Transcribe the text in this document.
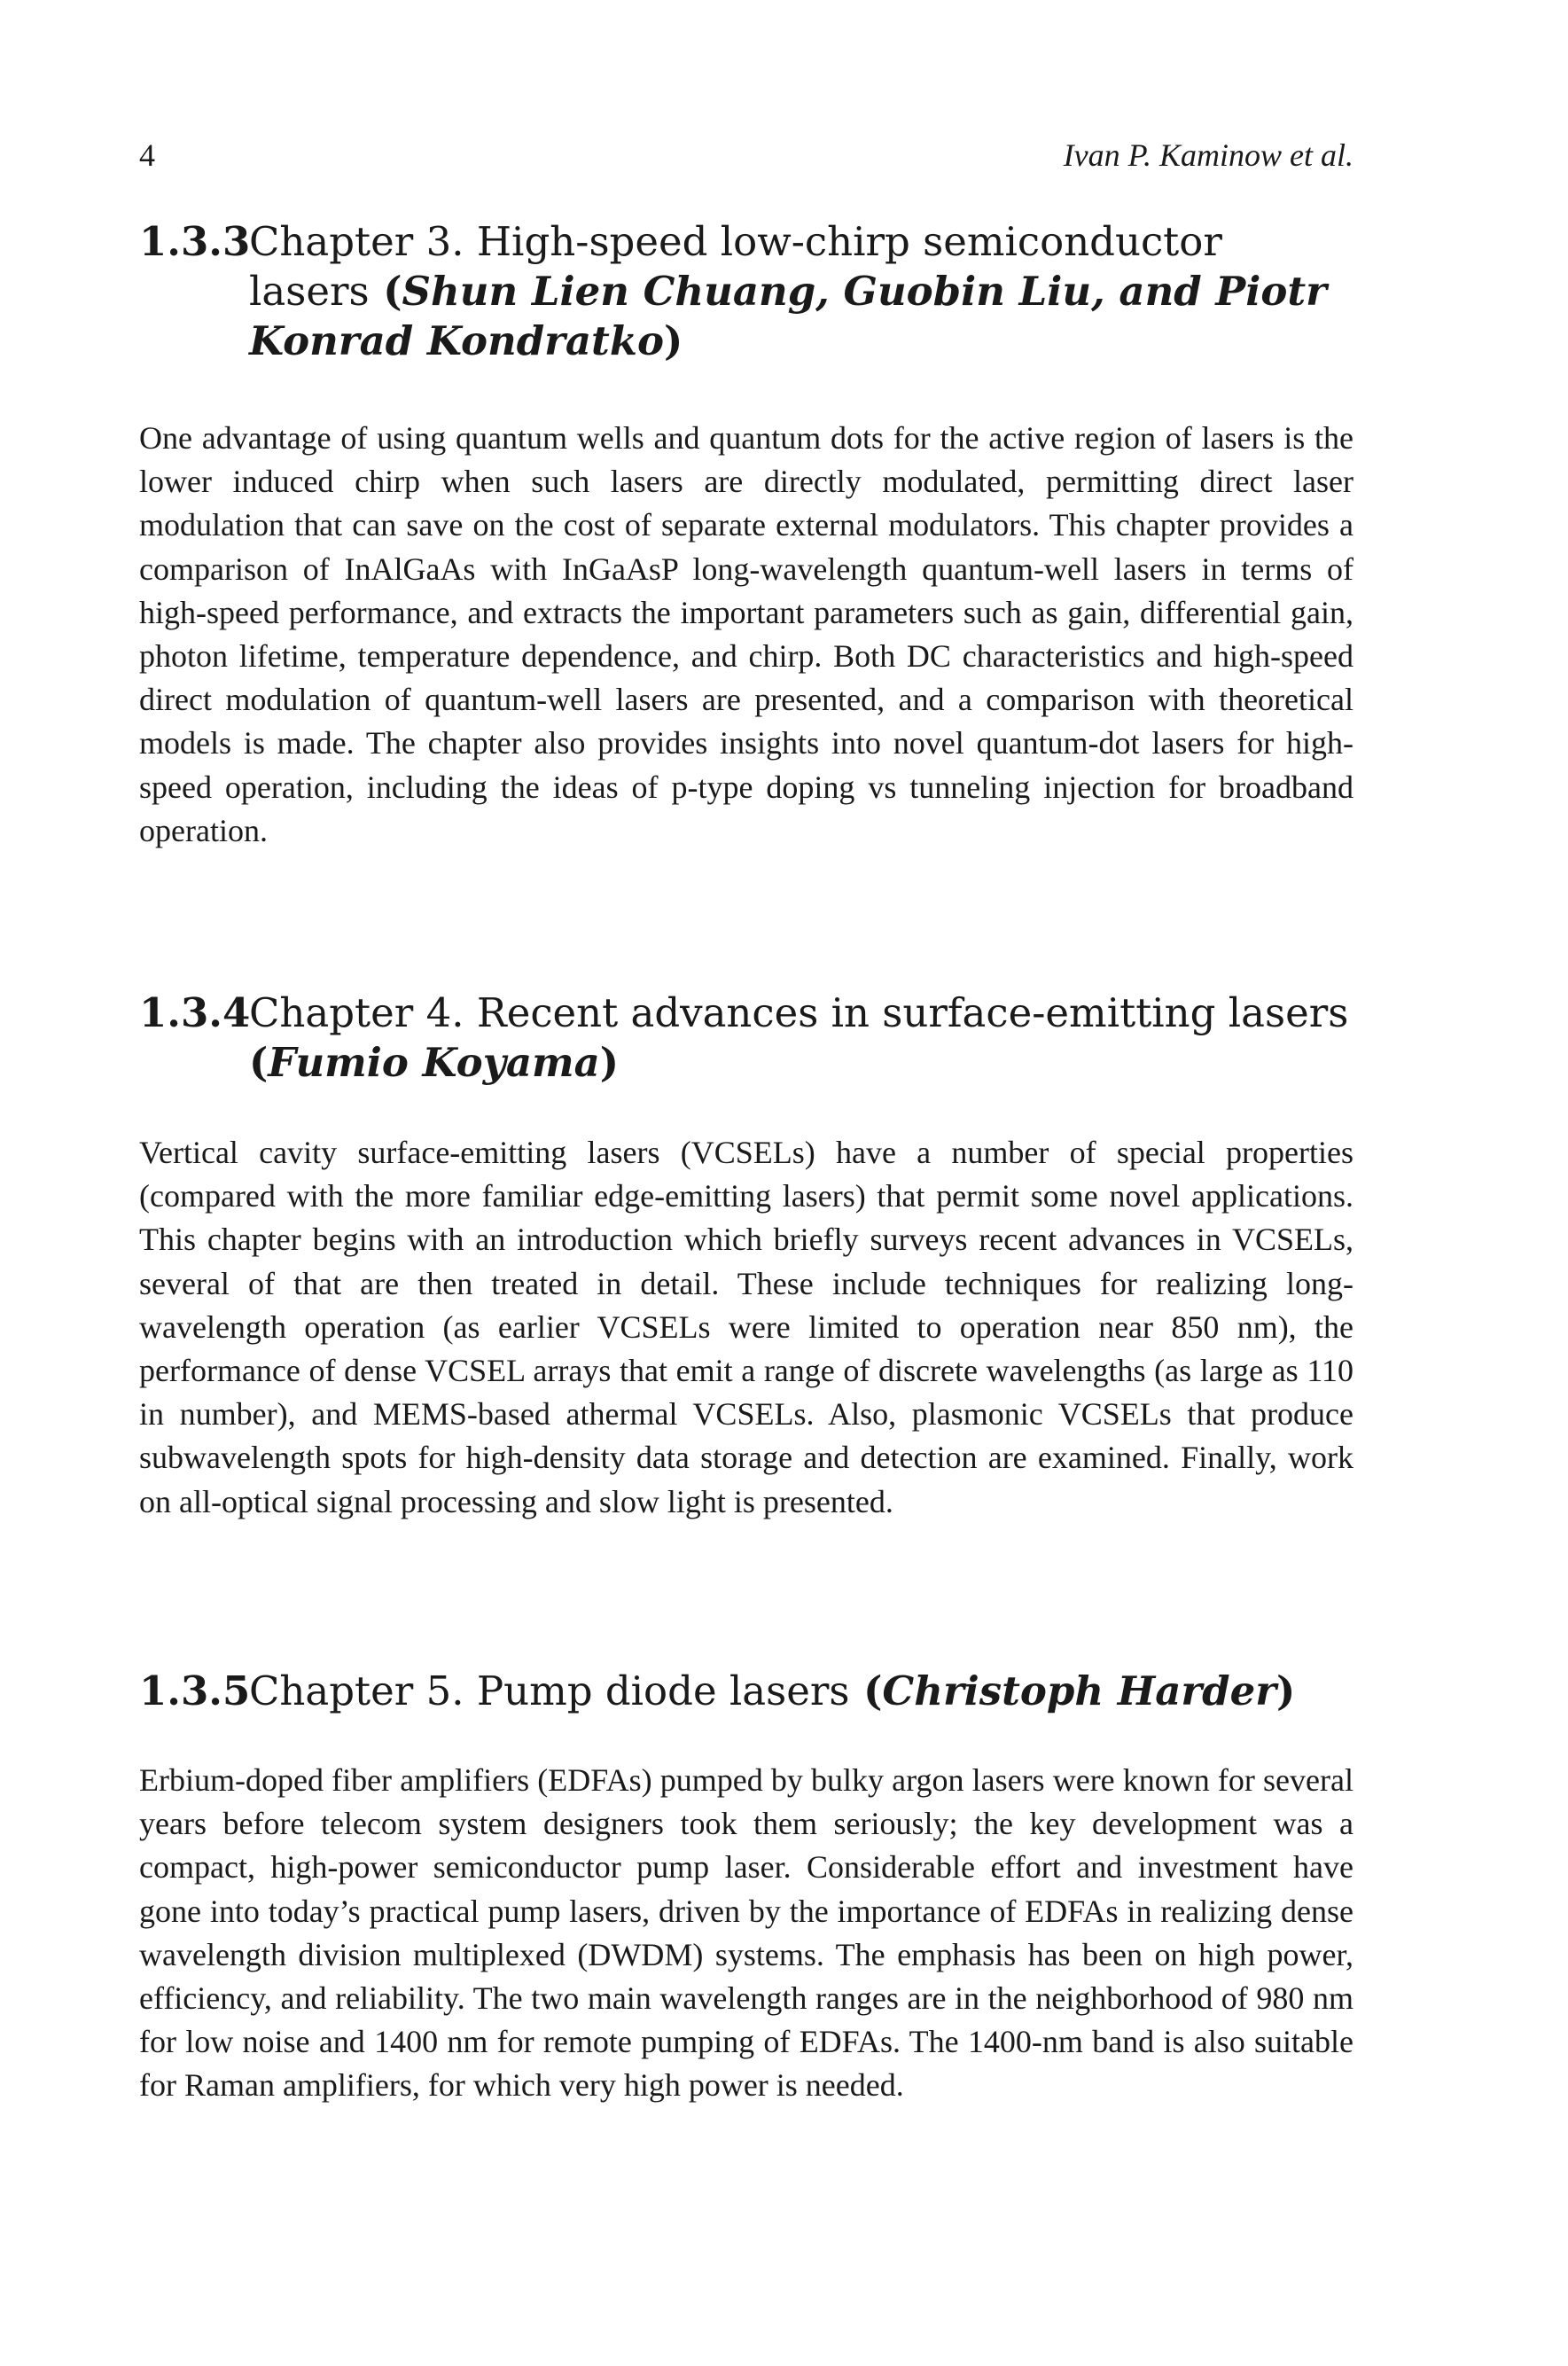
4	Ivan P. Kaminow et al.
1.3.3
Chapter 3. High-speed low-chirp semiconductor lasers (Shun Lien Chuang, Guobin Liu, and Piotr Konrad Kondratko)

One advantage of using quantum wells and quantum dots for the active region of lasers is the lower induced chirp when such lasers are directly modulated, permitting direct laser modulation that can save on the cost of separate external modulators. This chapter provides a comparison of InAlGaAs with InGaAsP long-wavelength quantum-well lasers in terms of high-speed performance, and extracts the important parameters such as gain, differential gain, photon lifetime, temperature dependence, and chirp. Both DC characteristics and high-speed direct modulation of quantum-well lasers are presented, and a comparison with theoretical models is made. The chapter also provides insights into novel quantum-dot lasers for high-speed operation, including the ideas of p-type doping vs tunneling injection for broadband operation.

1.3.4
Chapter 4. Recent advances in surface-emitting lasers (Fumio Koyama)

Vertical cavity surface-emitting lasers (VCSELs) have a number of special properties (compared with the more familiar edge-emitting lasers) that permit some novel applications. This chapter begins with an introduction which briefly surveys recent advances in VCSELs, several of that are then treated in detail. These include techniques for realizing long-wavelength operation (as earlier VCSELs were limited to operation near 850 nm), the performance of dense VCSEL arrays that emit a range of discrete wavelengths (as large as 110 in number), and MEMS-based athermal VCSELs. Also, plasmonic VCSELs that produce subwavelength spots for high-density data storage and detection are examined. Finally, work on all-optical signal processing and slow light is presented.

1.3.5
Chapter 5. Pump diode lasers (Christoph Harder)

Erbium-doped fiber amplifiers (EDFAs) pumped by bulky argon lasers were known for several years before telecom system designers took them seriously; the key development was a compact, high-power semiconductor pump laser. Considerable effort and investment have gone into today’s practical pump lasers, driven by the importance of EDFAs in realizing dense wavelength division multiplexed (DWDM) systems. The emphasis has been on high power, efficiency, and reliability. The two main wavelength ranges are in the neighborhood of 980 nm for low noise and 1400 nm for remote pumping of EDFAs. The 1400-nm band is also suitable for Raman amplifiers, for which very high power is needed.
